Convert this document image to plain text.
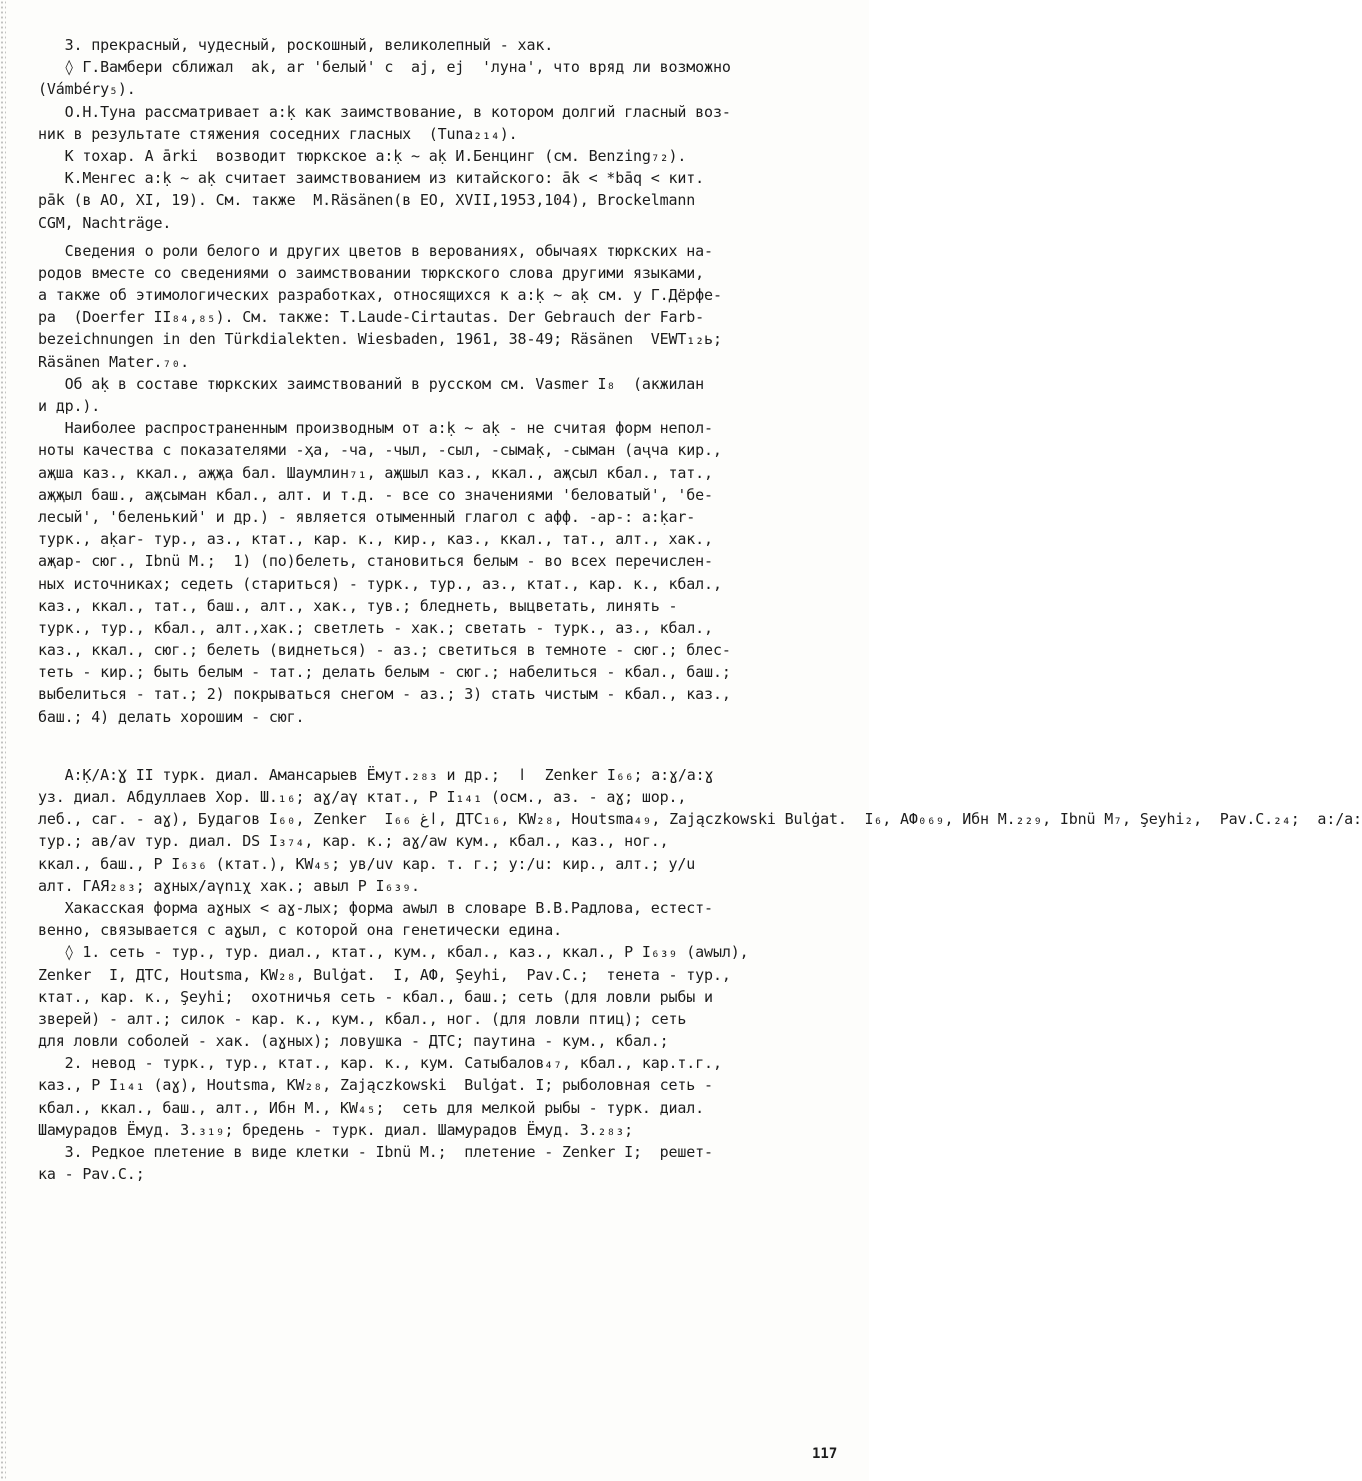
3. прекрасный, чудесный, роскошный, великолепный - хак.
◊ Г.Вамбери сближал  ak, ar 'белый' с  aj, ej  'луна', что вряд ли возможно
(Vámbéry₅).
О.Н.Туна рассматривает a:ḳ как заимствование, в котором долгий гласный воз-
ник в результате стяжения соседних гласных  (Tuna₂₁₄).
К тохар. A ārki  возводит тюркское a:ḳ ~ aḳ И.Бенцинг (см. Benzing₇₂).
К.Менгес a:ḳ ~ aḳ считает заимствованием из китайского: āk < *bāq < кит.
pāk (в АО, XI, 19). См. также  M.Räsänen(в ЕО, XVII,1953,104), Brockelmann
CGM, Nachträge.
Сведения о роли белого и других цветов в верованиях, обычаях тюркских на-
родов вместе со сведениями о заимствовании тюркского слова другими языками,
а также об этимологических разработках, относящихся к a:ḳ ~ aḳ см. у Г.Дёрфе-
ра  (Doerfer II₈₄,₈₅). См. также: T.Laude-Cirtautas. Der Gebrauch der Farb-
bezeichnungen in den Türkdialekten. Wiesbaden, 1961, 38-49; Räsänen  VEWT₁₂ь;
Räsänen Mater.₇₀.
Об aḳ в составе тюркских заимствований в русском см. Vasmer I₈  (акжилан
и др.).
Наиболее распространенным производным от a:ḳ ~ aḳ - не считая форм непол-
ноты качества с показателями -ҳa, -ча, -чыл, -сыл, -сымаḳ, -сыман (аҷча кир.,
аҗша каз., ккал., аҗҗа бал. Шаумлин₇₁, аҗшыл каз., ккал., аҗсыл кбал., тат.,
аҗҗыл баш., аҗсыман кбал., алт. и т.д. - все со значениями 'беловатый', 'бе-
лесый', 'беленький' и др.) - является отыменный глагол с афф. -ар-: a:ḳar-
турк., aḳar- тур., аз., ктат., кар. к., кир., каз., ккал., тат., алт., хак.,
аҗар- сюг., Ibnü M.;  1) (по)белеть, становиться белым - во всех перечислен-
ных источниках; седеть (стариться) - турк., тур., аз., ктат., кар. к., кбал.,
каз., ккал., тат., баш., алт., хак., тув.; бледнеть, выцветать, линять -
турк., тур., кбал., алт.,хак.; светлеть - хак.; светать - турк., аз., кбал.,
каз., ккал., сюг.; белеть (виднеться) - аз.; светиться в темноте - сюг.; блес-
теть - кир.; быть белым - тат.; делать белым - сюг.; набелиться - кбал., баш.;
выбелиться - тат.; 2) покрываться снегом - аз.; 3) стать чистым - кбал., каз.,
баш.; 4) делать хорошим - сюг.
A:Ḳ/A:Ɣ II турк. диал. Амансарыев Ёмут.₂₈₃ и др.;  ا  Zenker I₆₆; a:ɣ/a:ɣ
уз. диал. Абдуллаев Хор. Ш.₁₆; aɣ/aγ ктат., Р I₁₄₁ (осм., аз. - aɣ; шор.,
леб., саг. - aɣ), Будагов I₆₀, Zenker  I₆₆ اغ, ДТС₁₆, KW₂₈, Houtsma₄₉, Zajączkowski Bulġat.  I₆, АФ₀₆₉, Ибн М.₂₂₉, Ibnü M₇, Şeyhi₂,  Pav.C.₂₄;  a:/a:
тур.; aв/av тур. диал. DS I₃₇₄, кар. к.; aɣ/aw кум., кбал., каз., ног.,
ккал., баш., Р I₆₃₆ (ктат.), KW₄₅; ув/uv кар. т. г.; у:/u: кир., алт.; у/u
алт. ГАЯ₂₈₃; aɣныx/aγnıχ хак.; aвыл Р I₆₃₉.
Хакасская форма aɣных < aɣ-лых; форма awыл в словаре В.В.Радлова, естест-
венно, связывается с aɣыл, с которой она генетически едина.
◊ 1. сеть - тур., тур. диал., ктат., кум., кбал., каз., ккал., Р I₆₃₉ (awыл),
Zenker  I, ДТС, Houtsma, KW₂₈, Bulġat.  I, АФ, Şeyhi,  Pav.C.;  тенета - тур.,
ктат., кар. к., Şeyhi;  охотничья сеть - кбал., баш.; сеть (для ловли рыбы и
зверей) - алт.; силок - кар. к., кум., кбал., ног. (для ловли птиц); сеть
для ловли соболей - хак. (aɣных); ловушка - ДТС; паутина - кум., кбал.;
2. невод - турк., тур., ктат., кар. к., кум. Сатыбалов₄₇, кбал., кар.т.г.,
каз., Р I₁₄₁ (aɣ), Houtsma, KW₂₈, Zajączkowski  Bulġat. I; рыболовная сеть -
кбал., ккал., баш., алт., Ибн М., KW₄₅;  сеть для мелкой рыбы - турк. диал.
Шамурадов Ёмуд. З.₃₁₉; бредень - турк. диал. Шамурадов Ёмуд. З.₂₈₃;
3. Редкое плетение в виде клетки - Ibnü M.;  плетение - Zenker I;  решет-
ка - Pav.C.;
117
